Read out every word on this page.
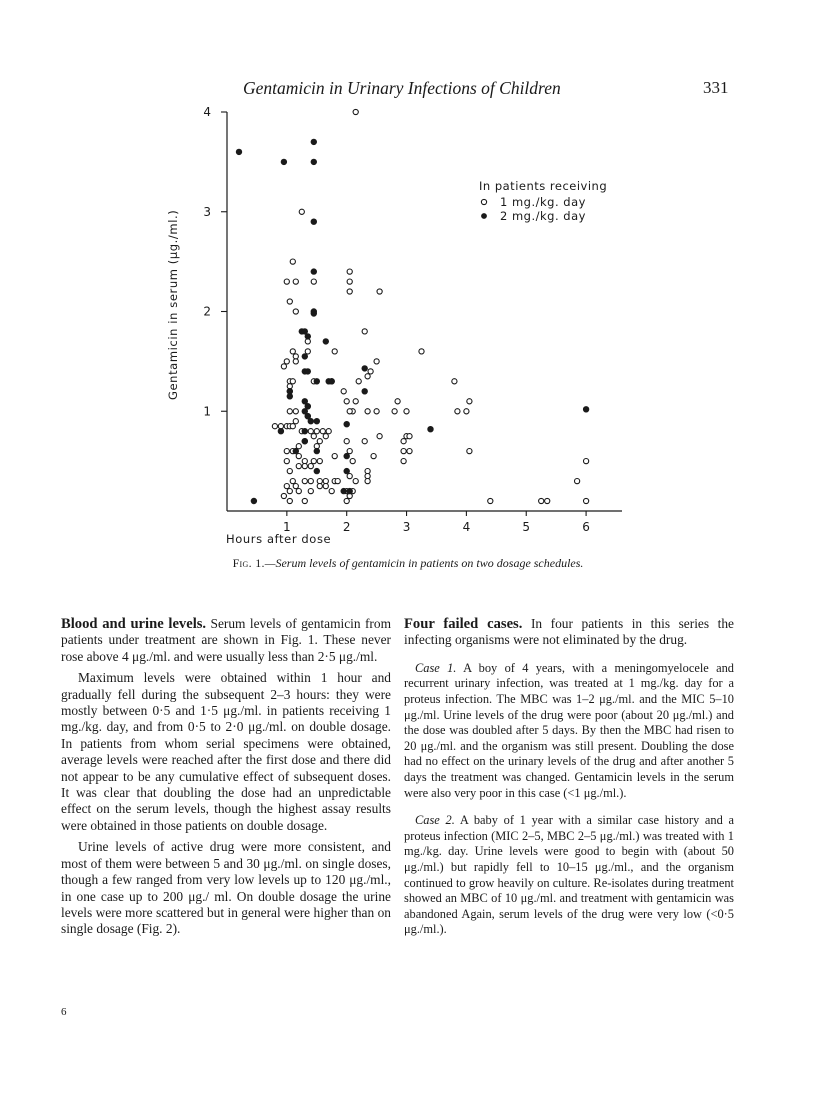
Gentamicin in Urinary Infections of Children	331
1	2	3	4	5	6
1
2
3
4
Gentamicin in serum (μg./ml.)
Hours after dose
In patients receiving
1 mg./kg. day
2 mg./kg. day
Fig. 1.—Serum levels of gentamicin in patients on two dosage schedules.

Blood and urine levels. Serum levels of gentamicin from patients under treatment are shown in Fig. 1. These never rose above 4 μg./ml. and were usually less than 2·5 μg./ml.

Maximum levels were obtained within 1 hour and gradually fell during the subsequent 2–3 hours: they were mostly between 0·5 and 1·5 μg./ml. in patients receiving 1 mg./kg. day, and from 0·5 to 2·0 μg./ml. on double dosage. In patients from whom serial specimens were obtained, average levels were reached after the first dose and there did not appear to be any cumulative effect of subsequent doses. It was clear that doubling the dose had an unpredictable effect on the serum levels, though the highest assay results were obtained in those patients on double dosage.

Urine levels of active drug were more consistent, and most of them were between 5 and 30 μg./ml. on single doses, though a few ranged from very low levels up to 120 μg./ml., in one case up to 200 μg./ ml. On double dosage the urine levels were more scattered but in general were higher than on single dosage (Fig. 2).

Four failed cases. In four patients in this series the infecting organisms were not eliminated by the drug.

Case 1. A boy of 4 years, with a meningomyelocele and recurrent urinary infection, was treated at 1 mg./kg. day for a proteus infection. The MBC was 1–2 μg./ml. and the MIC 5–10 μg./ml. Urine levels of the drug were poor (about 20 μg./ml.) and the dose was doubled after 5 days. By then the MBC had risen to 20 μg./ml. and the organism was still present. Doubling the dose had no effect on the urinary levels of the drug and after another 5 days the treatment was changed. Gentamicin levels in the serum were also very poor in this case (<1 μg./ml.).

Case 2. A baby of 1 year with a similar case history and a proteus infection (MIC 2–5, MBC 2–5 μg./ml.) was treated with 1 mg./kg. day. Urine levels were good to begin with (about 50 μg./ml.) but rapidly fell to 10–15 μg./ml., and the organism continued to grow heavily on culture. Re-isolates during treatment showed an MBC of 10 μg./ml. and treatment with gentamicin was abandoned Again, serum levels of the drug were very low (<0·5 μg./ml.).

6
